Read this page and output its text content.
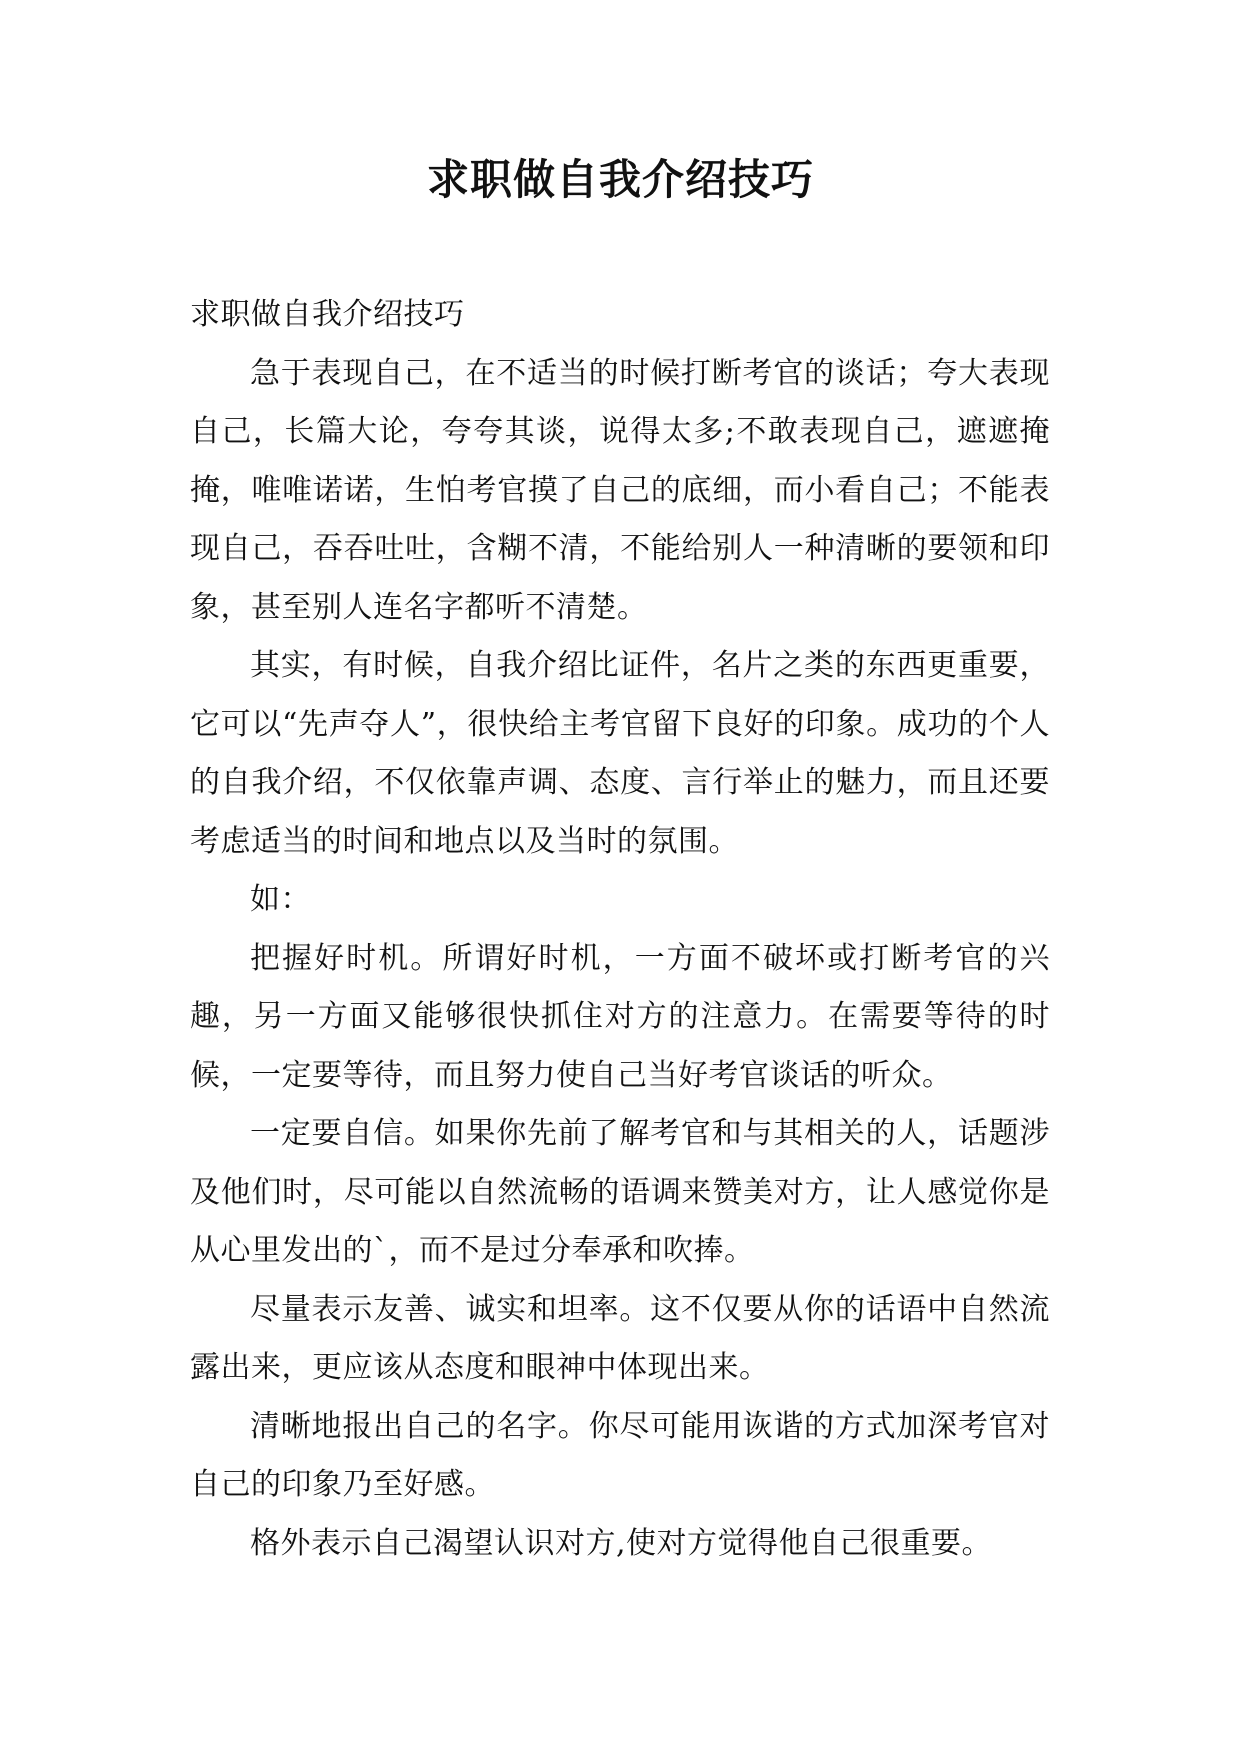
求职做自我介绍技巧

求职做自我介绍技巧

急于表现自己，在不适当的时候打断考官的谈话；夸大表现自己，长篇大论，夸夸其谈，说得太多;不敢表现自己，遮遮掩掩，唯唯诺诺，生怕考官摸了自己的底细，而小看自己；不能表现自己，吞吞吐吐，含糊不清，不能给别人一种清晰的要领和印象，甚至别人连名字都听不清楚。

其实，有时候，自我介绍比证件，名片之类的东西更重要，它可以“先声夺人”，很快给主考官留下良好的印象。成功的个人的自我介绍，不仅依靠声调、态度、言行举止的魅力，而且还要考虑适当的时间和地点以及当时的氛围。

如：

把握好时机。所谓好时机，一方面不破坏或打断考官的兴趣，另一方面又能够很快抓住对方的注意力。在需要等待的时候，一定要等待，而且努力使自己当好考官谈话的听众。

一定要自信。如果你先前了解考官和与其相关的人，话题涉及他们时，尽可能以自然流畅的语调来赞美对方，让人感觉你是从心里发出的`，而不是过分奉承和吹捧。

尽量表示友善、诚实和坦率。这不仅要从你的话语中自然流露出来，更应该从态度和眼神中体现出来。

清晰地报出自己的名字。你尽可能用诙谐的方式加深考官对自己的印象乃至好感。

格外表示自己渴望认识对方,使对方觉得他自己很重要。
